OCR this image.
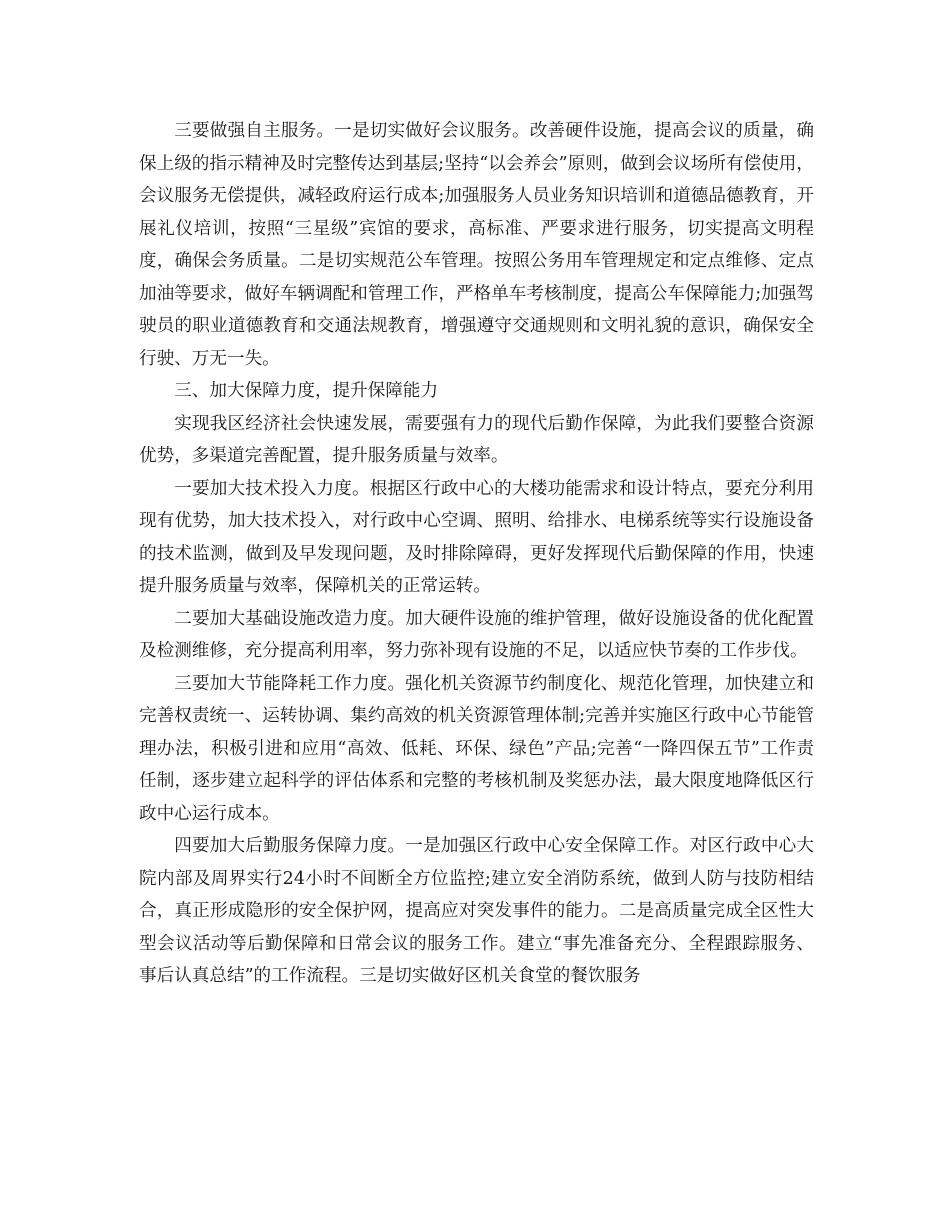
三要做强自主服务。一是切实做好会议服务。改善硬件设施，提高会议的质量，确保上级的指示精神及时完整传达到基层;坚持“以会养会”原则，做到会议场所有偿使用，会议服务无偿提供，减轻政府运行成本;加强服务人员业务知识培训和道德品德教育，开展礼仪培训，按照“三星级”宾馆的要求，高标准、严要求进行服务，切实提高文明程度，确保会务质量。二是切实规范公车管理。按照公务用车管理规定和定点维修、定点加油等要求，做好车辆调配和管理工作，严格单车考核制度，提高公车保障能力;加强驾驶员的职业道德教育和交通法规教育，增强遵守交通规则和文明礼貌的意识，确保安全行驶、万无一失。

三、加大保障力度，提升保障能力

实现我区经济社会快速发展，需要强有力的现代后勤作保障，为此我们要整合资源优势，多渠道完善配置，提升服务质量与效率。

一要加大技术投入力度。根据区行政中心的大楼功能需求和设计特点，要充分利用现有优势，加大技术投入，对行政中心空调、照明、给排水、电梯系统等实行设施设备的技术监测，做到及早发现问题，及时排除障碍，更好发挥现代后勤保障的作用，快速提升服务质量与效率，保障机关的正常运转。

二要加大基础设施改造力度。加大硬件设施的维护管理，做好设施设备的优化配置及检测维修，充分提高利用率，努力弥补现有设施的不足，以适应快节奏的工作步伐。

三要加大节能降耗工作力度。强化机关资源节约制度化、规范化管理，加快建立和完善权责统一、运转协调、集约高效的机关资源管理体制;完善并实施区行政中心节能管理办法，积极引进和应用“高效、低耗、环保、绿色”产品;完善“一降四保五节”工作责任制，逐步建立起科学的评估体系和完整的考核机制及奖惩办法，最大限度地降低区行政中心运行成本。

四要加大后勤服务保障力度。一是加强区行政中心安全保障工作。对区行政中心大院内部及周界实行24小时不间断全方位监控;建立安全消防系统，做到人防与技防相结合，真正形成隐形的安全保护网，提高应对突发事件的能力。二是高质量完成全区性大型会议活动等后勤保障和日常会议的服务工作。建立“事先准备充分、全程跟踪服务、事后认真总结”的工作流程。三是切实做好区机关食堂的餐饮服务
